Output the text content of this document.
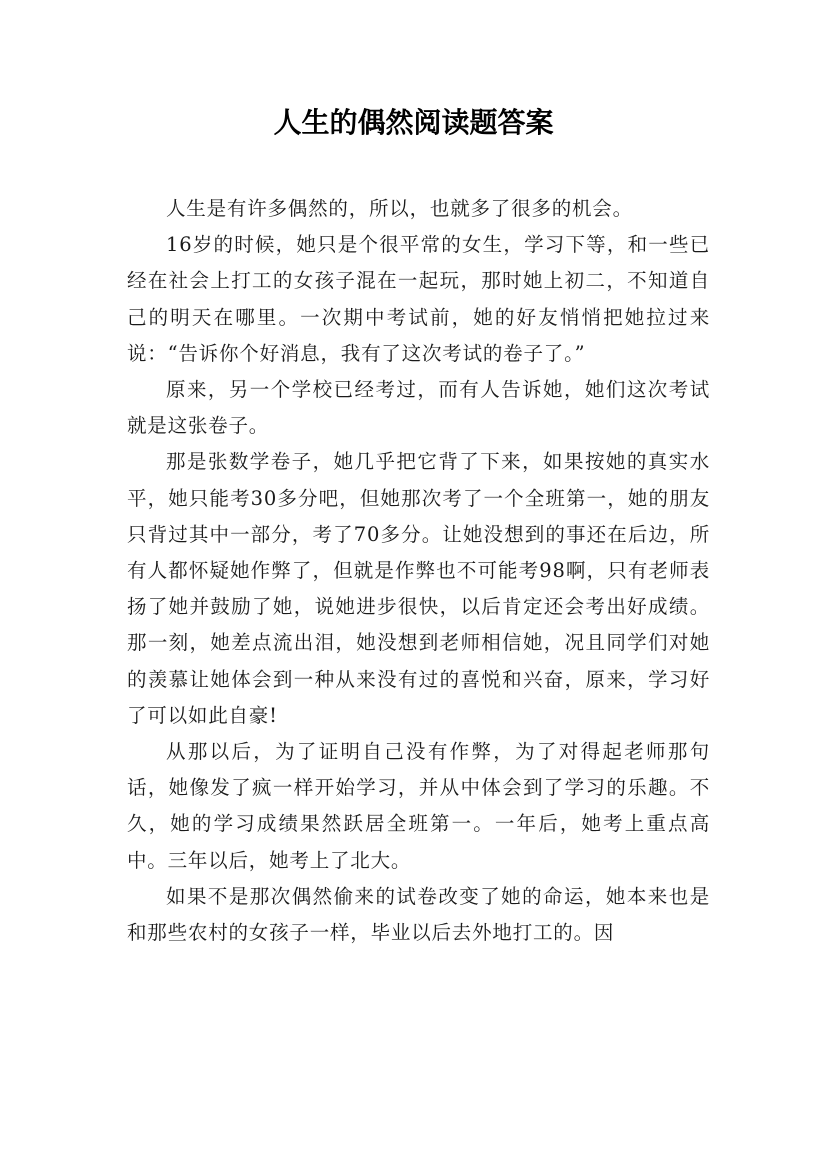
人生的偶然阅读题答案

人生是有许多偶然的，所以，也就多了很多的机会。

16岁的时候，她只是个很平常的女生，学习下等，和一些已经在社会上打工的女孩子混在一起玩，那时她上初二，不知道自己的明天在哪里。一次期中考试前，她的好友悄悄把她拉过来说：“告诉你个好消息，我有了这次考试的卷子了。”

原来，另一个学校已经考过，而有人告诉她，她们这次考试就是这张卷子。

那是张数学卷子，她几乎把它背了下来，如果按她的真实水平，她只能考30多分吧，但她那次考了一个全班第一，她的朋友只背过其中一部分，考了70多分。让她没想到的事还在后边，所有人都怀疑她作弊了，但就是作弊也不可能考98啊，只有老师表扬了她并鼓励了她，说她进步很快，以后肯定还会考出好成绩。那一刻，她差点流出泪，她没想到老师相信她，况且同学们对她的羡慕让她体会到一种从来没有过的喜悦和兴奋，原来，学习好了可以如此自豪!

从那以后，为了证明自己没有作弊，为了对得起老师那句话，她像发了疯一样开始学习，并从中体会到了学习的乐趣。不久，她的学习成绩果然跃居全班第一。一年后，她考上重点高中。三年以后，她考上了北大。

如果不是那次偶然偷来的试卷改变了她的命运，她本来也是和那些农村的女孩子一样，毕业以后去外地打工的。因
